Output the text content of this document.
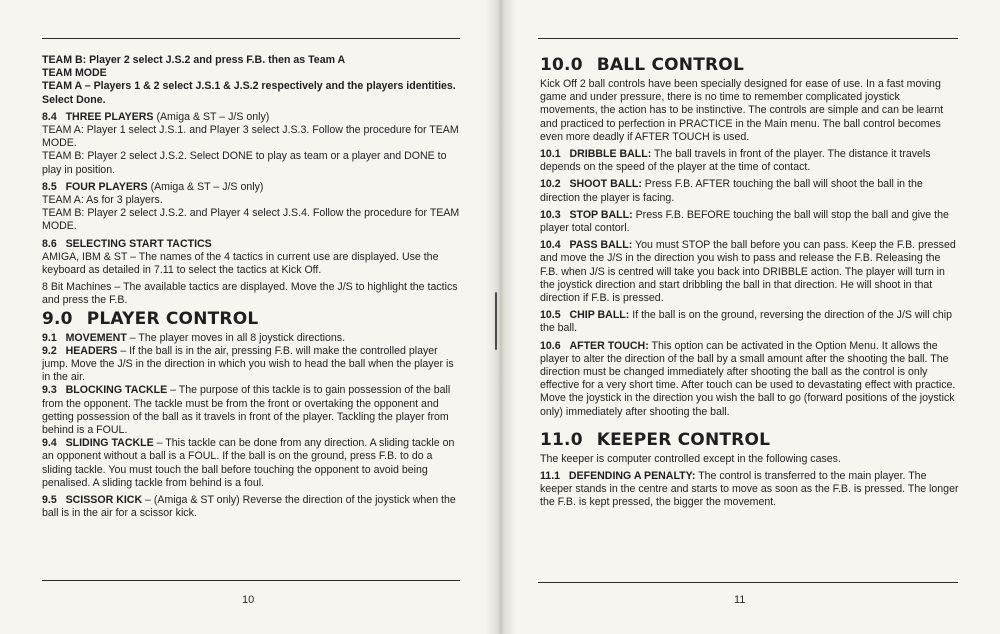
TEAM B: Player 2 select J.S.2 and press F.B. then as Team A

TEAM MODE

TEAM A – Players 1 & 2 select J.S.1 & J.S.2 respectively and the players identities. Select Done.

8.4 THREE PLAYERS (Amiga & ST – J/S only)

TEAM A: Player 1 select J.S.1. and Player 3 select J.S.3. Follow the procedure for TEAM MODE.

TEAM B: Player 2 select J.S.2. Select DONE to play as team or a player and DONE to play in position.

8.5 FOUR PLAYERS (Amiga & ST – J/S only)

TEAM A: As for 3 players.

TEAM B: Player 2 select J.S.2. and Player 4 select J.S.4. Follow the procedure for TEAM MODE.

8.6 SELECTING START TACTICS

AMIGA, IBM & ST – The names of the 4 tactics in current use are displayed. Use the keyboard as detailed in 7.11 to select the tactics at Kick Off.

8 Bit Machines – The available tactics are displayed. Move the J/S to highlight the tactics and press the F.B.

9.0 PLAYER CONTROL

9.1 MOVEMENT – The player moves in all 8 joystick directions.

9.2 HEADERS – If the ball is in the air, pressing F.B. will make the controlled player jump. Move the J/S in the direction in which you wish to head the ball when the player is in the air.

9.3 BLOCKING TACKLE – The purpose of this tackle is to gain possession of the ball from the opponent. The tackle must be from the front or overtaking the opponent and getting possession of the ball as it travels in front of the player. Tackling the player from behind is a FOUL.

9.4 SLIDING TACKLE – This tackle can be done from any direction. A sliding tackle on an opponent without a ball is a FOUL. If the ball is on the ground, press F.B. to do a sliding tackle. You must touch the ball before touching the opponent to avoid being penalised. A sliding tackle from behind is a foul.

9.5 SCISSOR KICK – (Amiga & ST only) Reverse the direction of the joystick when the ball is in the air for a scissor kick.

10
10.0 BALL CONTROL

Kick Off 2 ball controls have been specially designed for ease of use. In a fast moving game and under pressure, there is no time to remember complicated joystick movements, the action has to be instinctive. The controls are simple and can be learnt and practiced to perfection in PRACTICE in the Main menu. The ball control becomes even more deadly if AFTER TOUCH is used.

10.1 DRIBBLE BALL: The ball travels in front of the player. The distance it travels depends on the speed of the player at the time of contact.

10.2 SHOOT BALL: Press F.B. AFTER touching the ball will shoot the ball in the direction the player is facing.

10.3 STOP BALL: Press F.B. BEFORE touching the ball will stop the ball and give the player total contorl.

10.4 PASS BALL: You must STOP the ball before you can pass. Keep the F.B. pressed and move the J/S in the direction you wish to pass and release the F.B. Releasing the F.B. when J/S is centred will take you back into DRIBBLE action. The player will turn in the joystick direction and start dribbling the ball in that direction. He will shoot in that direction if F.B. is pressed.

10.5 CHIP BALL: If the ball is on the ground, reversing the direction of the J/S will chip the ball.

10.6 AFTER TOUCH: This option can be activated in the Option Menu. It allows the player to alter the direction of the ball by a small amount after the shooting the ball. The direction must be changed immediately after shooting the ball as the control is only effective for a very short time. After touch can be used to devastating effect with practice. Move the joystick in the direction you wish the ball to go (forward positions of the joystick only) immediately after shooting the ball.

11.0 KEEPER CONTROL

The keeper is computer controlled except in the following cases.

11.1 DEFENDING A PENALTY: The control is transferred to the main player. The keeper stands in the centre and starts to move as soon as the F.B. is pressed. The longer the F.B. is kept pressed, the bigger the movement.

11
